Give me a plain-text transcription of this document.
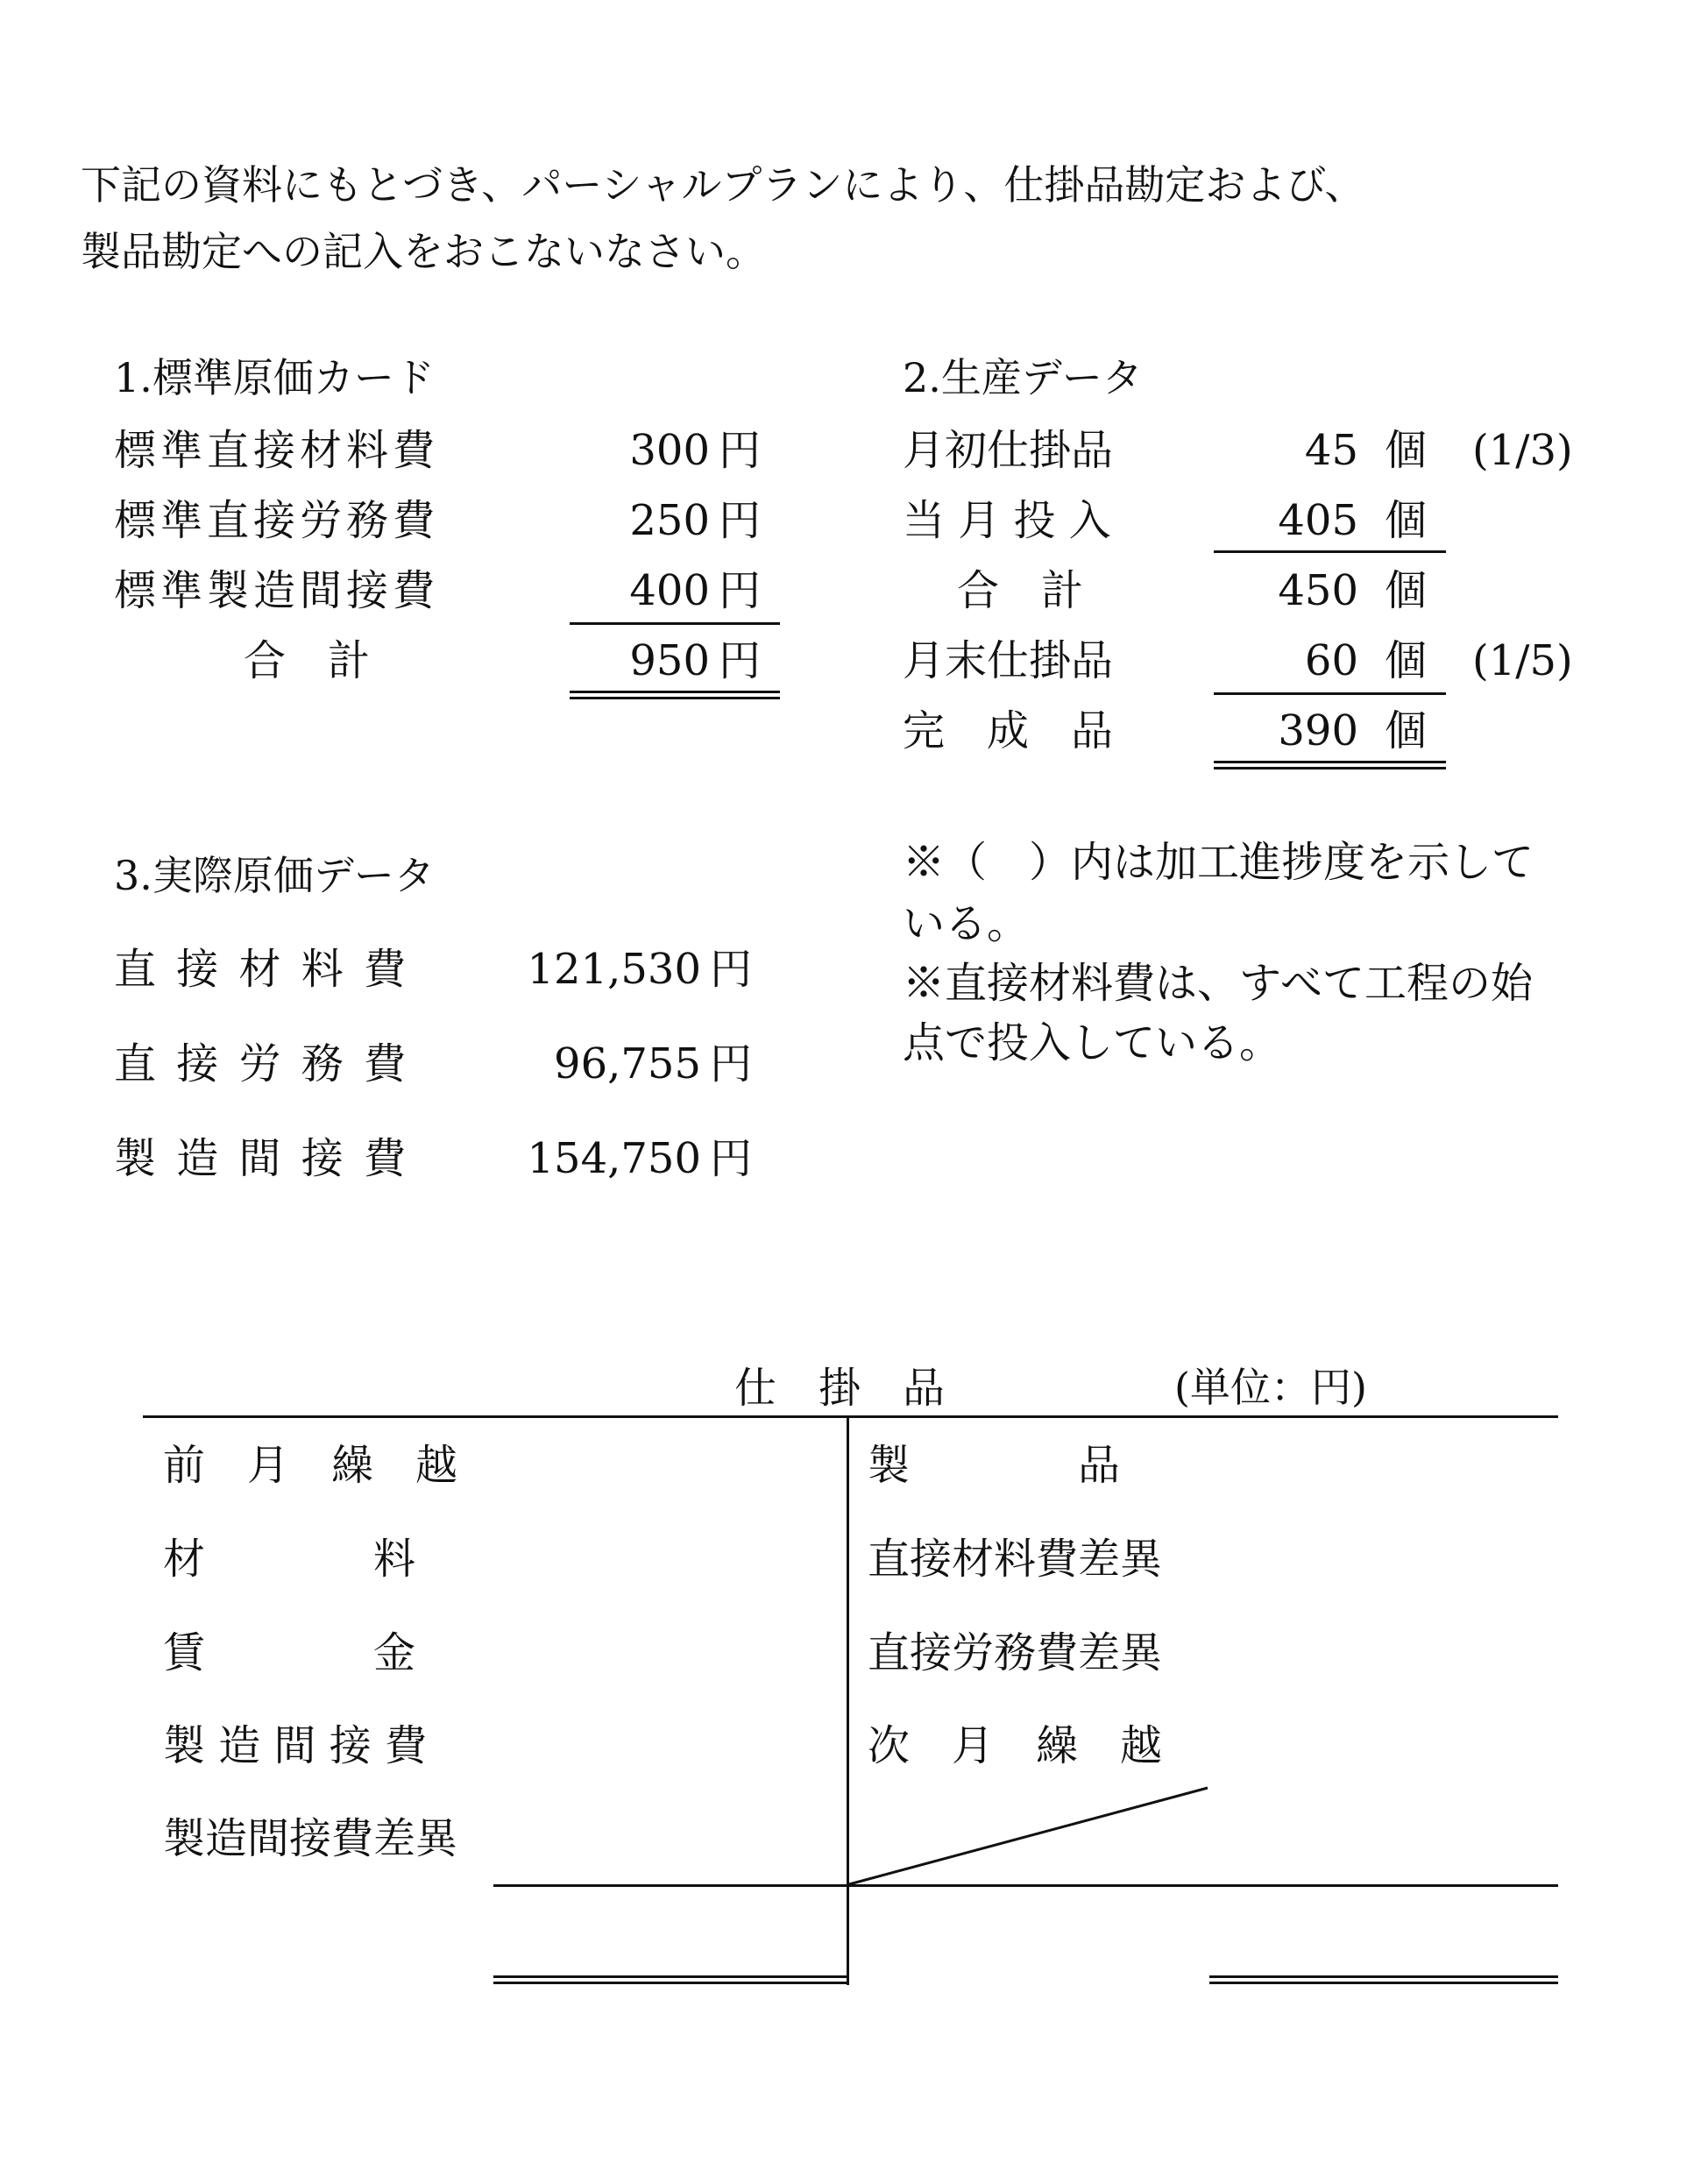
下記の資料にもとづき、パーシャルプランにより、仕掛品勘定および、
製品勘定への記入をおこないなさい。
1.標準原価カード
標準直接材料費	300 円
標準直接労務費	250 円
標準製造間接費	400 円
合　計	950 円
2.生産データ
月初仕掛品	45 個 (1/3)
当 月 投 入	405 個
合　計	450 個
月末仕掛品	60 個 (1/5)
完　成　品	390 個
3.実際原価データ
直 接 材 料 費	121,530 円
直 接 労 務 費	96,755 円
製 造 間 接 費	154,750 円
※（　）内は加工進捗度を示して
いる。
※直接材料費は、すべて工程の始
点で投入している。
仕　掛　品	(単位：円)
前　月　繰　越
材　　　　料
賃　　　　金
製 造 間 接 費
製造間接費差異
製　　　　品
直接材料費差異
直接労務費差異
次　月　繰　越
